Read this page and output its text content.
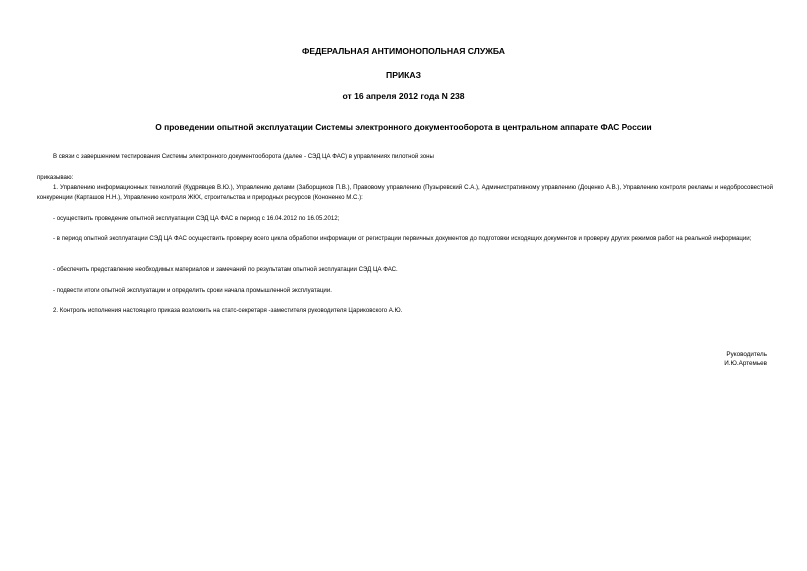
ФЕДЕРАЛЬНАЯ АНТИМОНОПОЛЬНАЯ СЛУЖБА
ПРИКАЗ
от 16 апреля 2012 года N 238
О проведении опытной эксплуатации Системы электронного документооборота в центральном аппарате ФАС России

В связи с завершением тестирования Системы электронного документооборота (далее - СЭД ЦА ФАС) в управлениях пилотной зоны

приказываю:

1. Управлению информационных технологий (Кудрявцев В.Ю.), Управлению делами (Заборщиков П.В.), Правовому управлению (Пузыревский С.А.), Административному управлению (Доценко А.В.), Управлению контроля рекламы и недобросовестной конкуренции (Карташов Н.Н.), Управлению контроля ЖКХ, строительства и природных ресурсов (Кононенко М.С.):

- осуществить проведение опытной эксплуатации СЭД ЦА ФАС в период с 16.04.2012 по 16.05.2012;

- в период опытной эксплуатации СЭД ЦА ФАС осуществить проверку всего цикла обработки информации от регистрации первичных документов до подготовки исходящих документов и проверку других режимов работ на реальной информации;

- обеспечить представление необходимых материалов и замечаний по результатам опытной эксплуатации СЭД ЦА ФАС.

- подвести итоги опытной эксплуатации и определить сроки начала промышленной эксплуатации.

2. Контроль исполнения настоящего приказа возложить на статс-секретаря -заместителя руководителя Цариковского А.Ю.

Руководитель
И.Ю.Артемьев
